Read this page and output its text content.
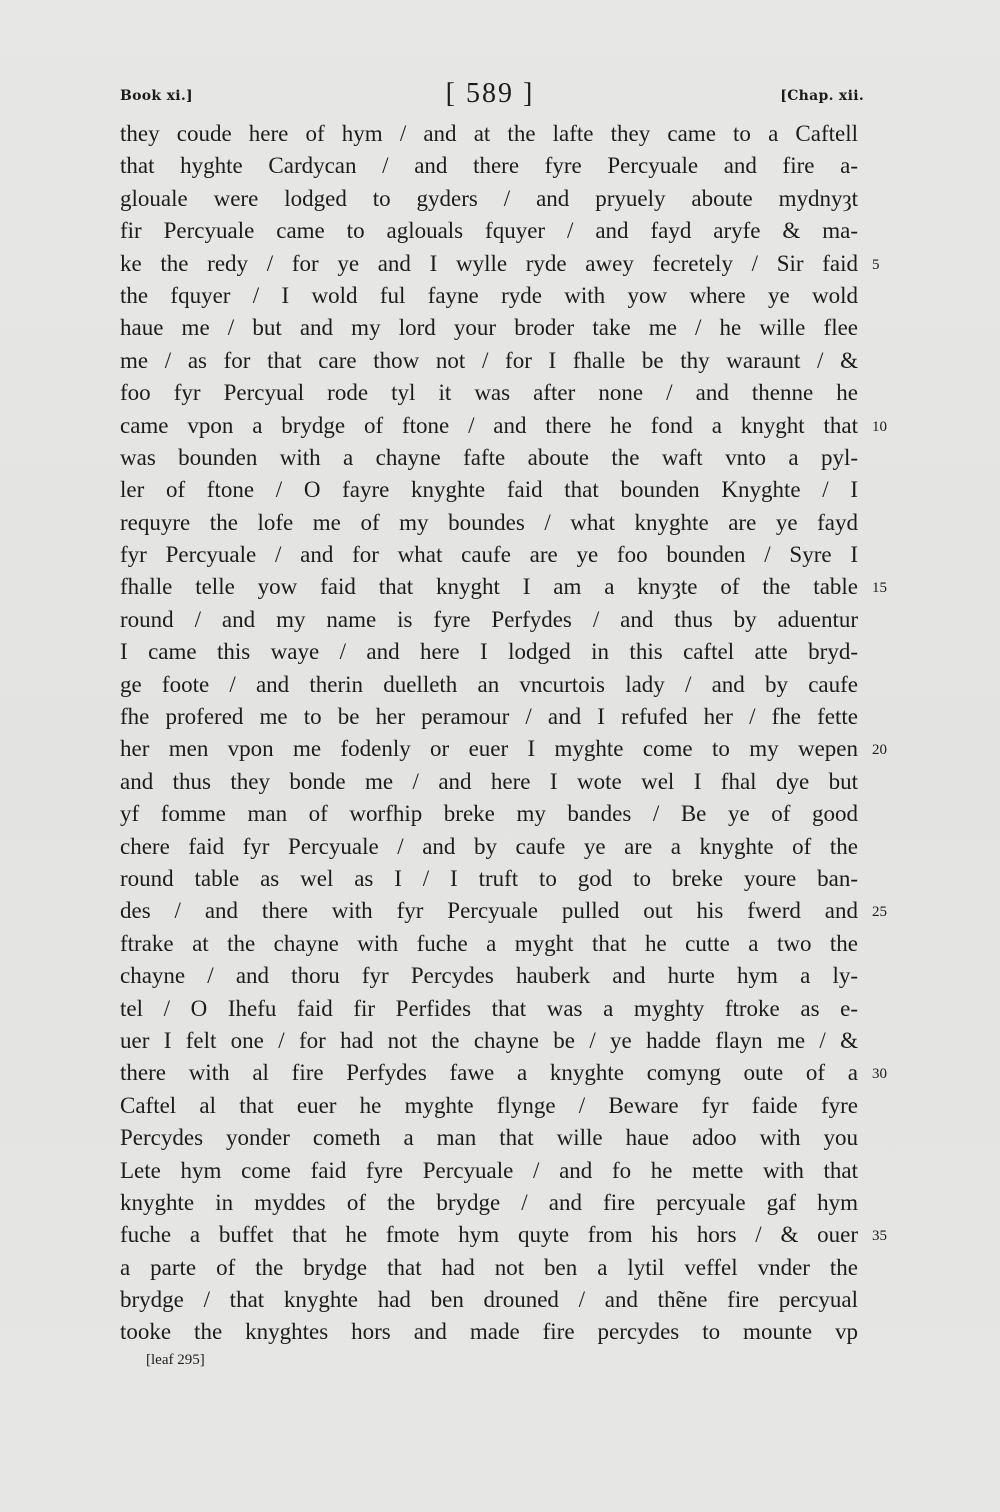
Book xi.]	[ 589 ]	[Chap. xii.
they coude here of hym / and at the lafte they came to a Caftell
that hyghte Cardycan / and there fyre Percyuale and fire a-
glouale were lodged to gyders / and pryuely aboute mydnyȝt
fir Percyuale came to aglouals fquyer / and fayd aryfe & ma-
ke the redy / for ye and I wylle ryde awey fecretely / Sir faid 5
the fquyer / I wold ful fayne ryde with yow where ye wold
haue me / but and my lord your broder take me / he wille flee
me / as for that care thow not / for I fhalle be thy waraunt / &
foo fyr Percyual rode tyl it was after none / and thenne he
came vpon a brydge of ftone / and there he fond a knyght that 10
was bounden with a chayne fafte aboute the waft vnto a pyl-
ler of ftone / O fayre knyghte faid that bounden Knyghte / I
requyre the lofe me of my boundes / what knyghte are ye fayd
fyr Percyuale / and for what caufe are ye foo bounden / Syre I
fhalle telle yow faid that knyght I am a knyȝte of the table 15
round / and my name is fyre Perfydes / and thus by aduentur
I came this waye / and here I lodged in this caftel atte bryd-
ge foote / and therin duelleth an vncurtois lady / and by caufe
fhe profered me to be her peramour / and I refufed her / fhe fette
her men vpon me fodenly or euer I myghte come to my wepen 20
and thus they bonde me / and here I wote wel I fhal dye but
yf fomme man of worfhip breke my bandes / Be ye of good
chere faid fyr Percyuale / and by caufe ye are a knyghte of the
round table as wel as I / I truft to god to breke youre ban-
des / and there with fyr Percyuale pulled out his fwerd and 25
ftrake at the chayne with fuche a myght that he cutte a two the
chayne / and thoru fyr Percydes hauberk and hurte hym a ly-
tel / O Ihefu faid fir Perfides that was a myghty ftroke as e-
uer I felt one / for had not the chayne be / ye hadde flayn me / &
there with al fire Perfydes fawe a knyghte comyng oute of a 30
Caftel al that euer he myghte flynge / Beware fyr faide fyre
Percydes yonder cometh a man that wille haue adoo with you
Lete hym come faid fyre Percyuale / and fo he mette with that
knyghte in myddes of the brydge / and fire percyuale gaf hym
fuche a buffet that he fmote hym quyte from his hors / & ouer 35
a parte of the brydge that had not ben a lytil veffel vnder the
brydge / that knyghte had ben drouned / and thẽne fire percyual
tooke the knyghtes hors and made fire percydes to mounte vp
[leaf 295]
